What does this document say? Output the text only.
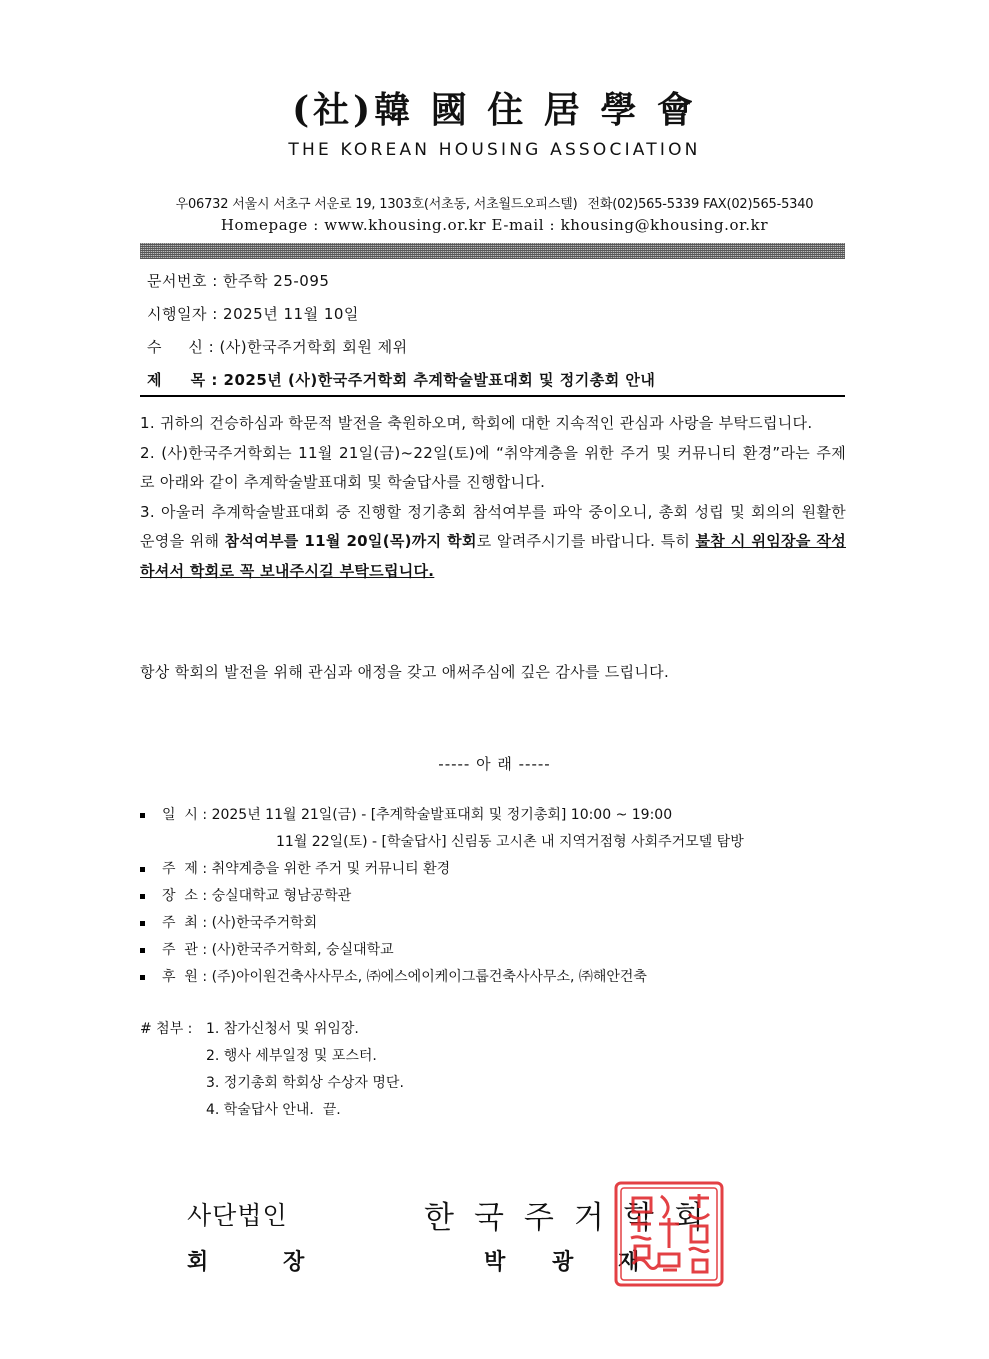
(社)韓 國 住 居 學 會
THE KOREAN HOUSING ASSOCIATION
우06732 서울시 서초구 서운로 19, 1303호(서초동, 서초월드오피스텔) 전화(02)565-5339 FAX(02)565-5340
Homepage : www.khousing.or.kr E-mail : khousing@khousing.or.kr
문서번호 : 한주학 25-095
시행일자 : 2025년 11월 10일
수     신 : (사)한국주거학회 회원 제위
제     목 : 2025년 (사)한국주거학회 추계학술발표대회 및 정기총회 안내

1. 귀하의 건승하심과 학문적 발전을 축원하오며, 학회에 대한 지속적인 관심과 사랑을 부탁드립니다.

2. (사)한국주거학회는 11월 21일(금)~22일(토)에 “취약계층을 위한 주거 및 커뮤니티 환경”라는 주제로 아래와 같이 추계학술발표대회 및 학술답사를 진행합니다.

3. 아울러 추계학술발표대회 중 진행할 정기총회 참석여부를 파악 중이오니, 총회 성립 및 회의의 원활한 운영을 위해 참석여부를 11월 20일(목)까지 학회로 알려주시기를 바랍니다. 특히 불참 시 위임장을 작성하셔서 학회로 꼭 보내주시길 부탁드립니다.

항상 학회의 발전을 위해 관심과 애정을 갖고 애써주심에 깊은 감사를 드립니다.
----- 아 래 -----
일  시 : 2025년 11월 21일(금) - [추계학술발표대회 및 정기총회] 10:00 ~ 19:00
11월 22일(토) - [학술답사] 신림동 고시촌 내 지역거점형 사회주거모델 탐방
주  제 : 취약계층을 위한 주거 및 커뮤니티 환경
장  소 : 숭실대학교 형남공학관
주  최 : (사)한국주거학회
주  관 : (사)한국주거학회, 숭실대학교
후  원 : (주)아이원건축사사무소, ㈜에스에이케이그룹건축사사무소, ㈜해안건축
# 첨부 : 1. 참가신청서 및 위임장.
2. 행사 세부일정 및 포스터.
3. 정기총회 학회상 수상자 명단.
4. 학술답사 안내.  끝.
사단법인	한국주거학회
회	장	박 광 재
